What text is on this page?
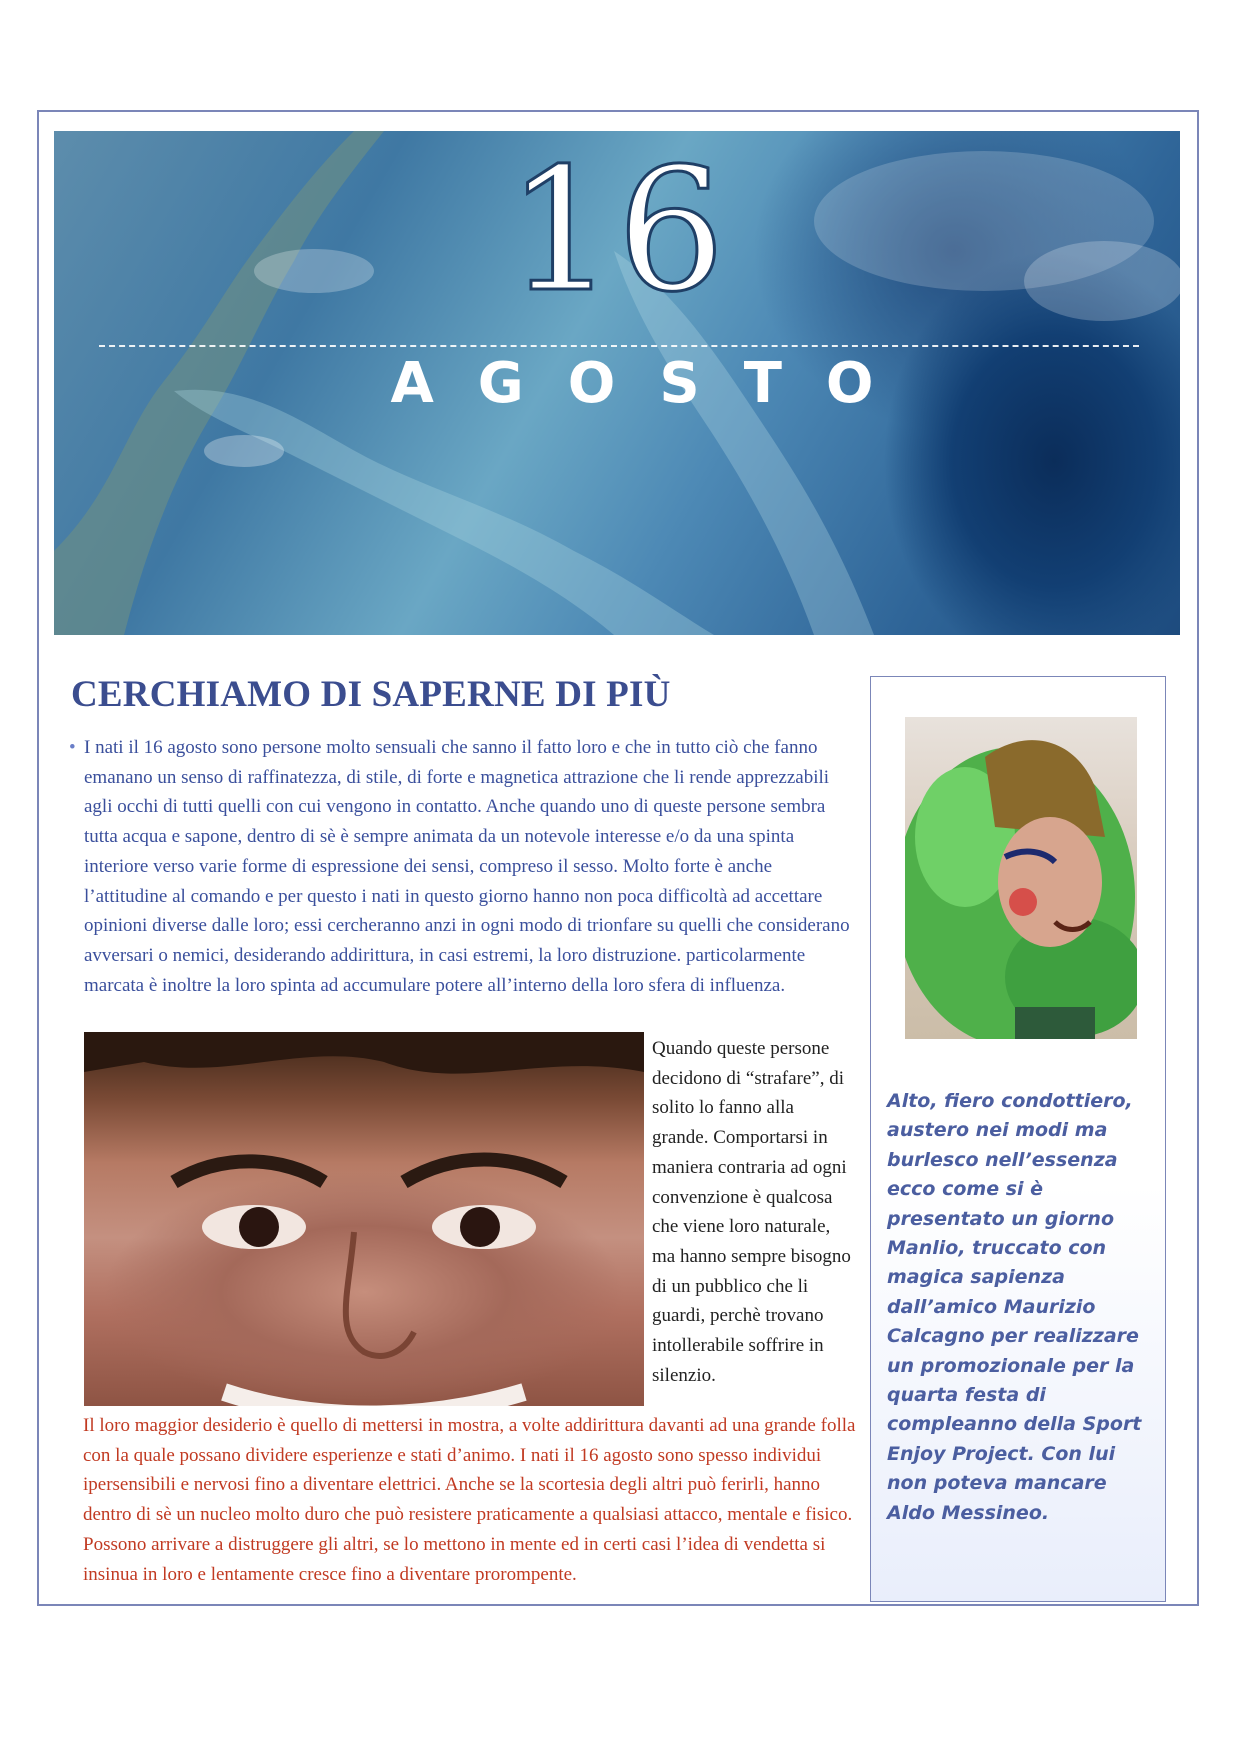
16
AGOSTO
CERCHIAMO DI SAPERNE DI PIÙ
• I nati il 16 agosto sono persone molto sensuali che sanno il fatto loro e che in tutto ciò che fanno emanano un senso di raffinatezza, di stile, di forte e magnetica attrazione che li rende apprezzabili agli occhi di tutti quelli con cui vengono in contatto. Anche quando uno di queste persone sembra tutta acqua e sapone, dentro di sè è sempre animata da un notevole interesse e/o da una spinta interiore verso varie forme di espressione dei sensi, compreso il sesso. Molto forte è anche l’attitudine al comando e per questo i nati in questo giorno hanno non poca difficoltà ad accettare opinioni diverse dalle loro; essi cercheranno anzi in ogni modo di trionfare su quelli che considerano avversari o nemici, desiderando addirittura, in casi estremi, la loro distruzione. particolarmente marcata è inoltre la loro spinta ad accumulare potere all’interno della loro sfera di influenza.
Quando queste persone decidono di “strafare”, di solito lo fanno alla grande. Comportarsi in maniera contraria ad ogni convenzione è qualcosa che viene loro naturale, ma hanno sempre bisogno di un pubblico che li guardi, perchè trovano intollerabile soffrire in silenzio.
Il loro maggior desiderio è quello di mettersi in mostra, a volte addirittura davanti ad una grande folla con la quale possano dividere esperienze e stati d’animo. I nati il 16 agosto sono spesso individui ipersensibili e nervosi fino a diventare elettrici. Anche se la scortesia degli altri può ferirli, hanno dentro di sè un nucleo molto duro che può resistere praticamente a qualsiasi attacco, mentale e fisico. Possono arrivare a distruggere gli altri, se lo mettono in mente ed in certi casi l’idea di vendetta si insinua in loro e lentamente cresce fino a diventare prorompente.
Alto, fiero condottiero, austero nei modi ma burlesco nell’essenza ecco come si è presentato un giorno Manlio, truccato con magica sapienza dall’amico Maurizio Calcagno per realizzare un promozionale per la quarta festa di compleanno della Sport Enjoy Project. Con lui non poteva mancare Aldo Messineo.
